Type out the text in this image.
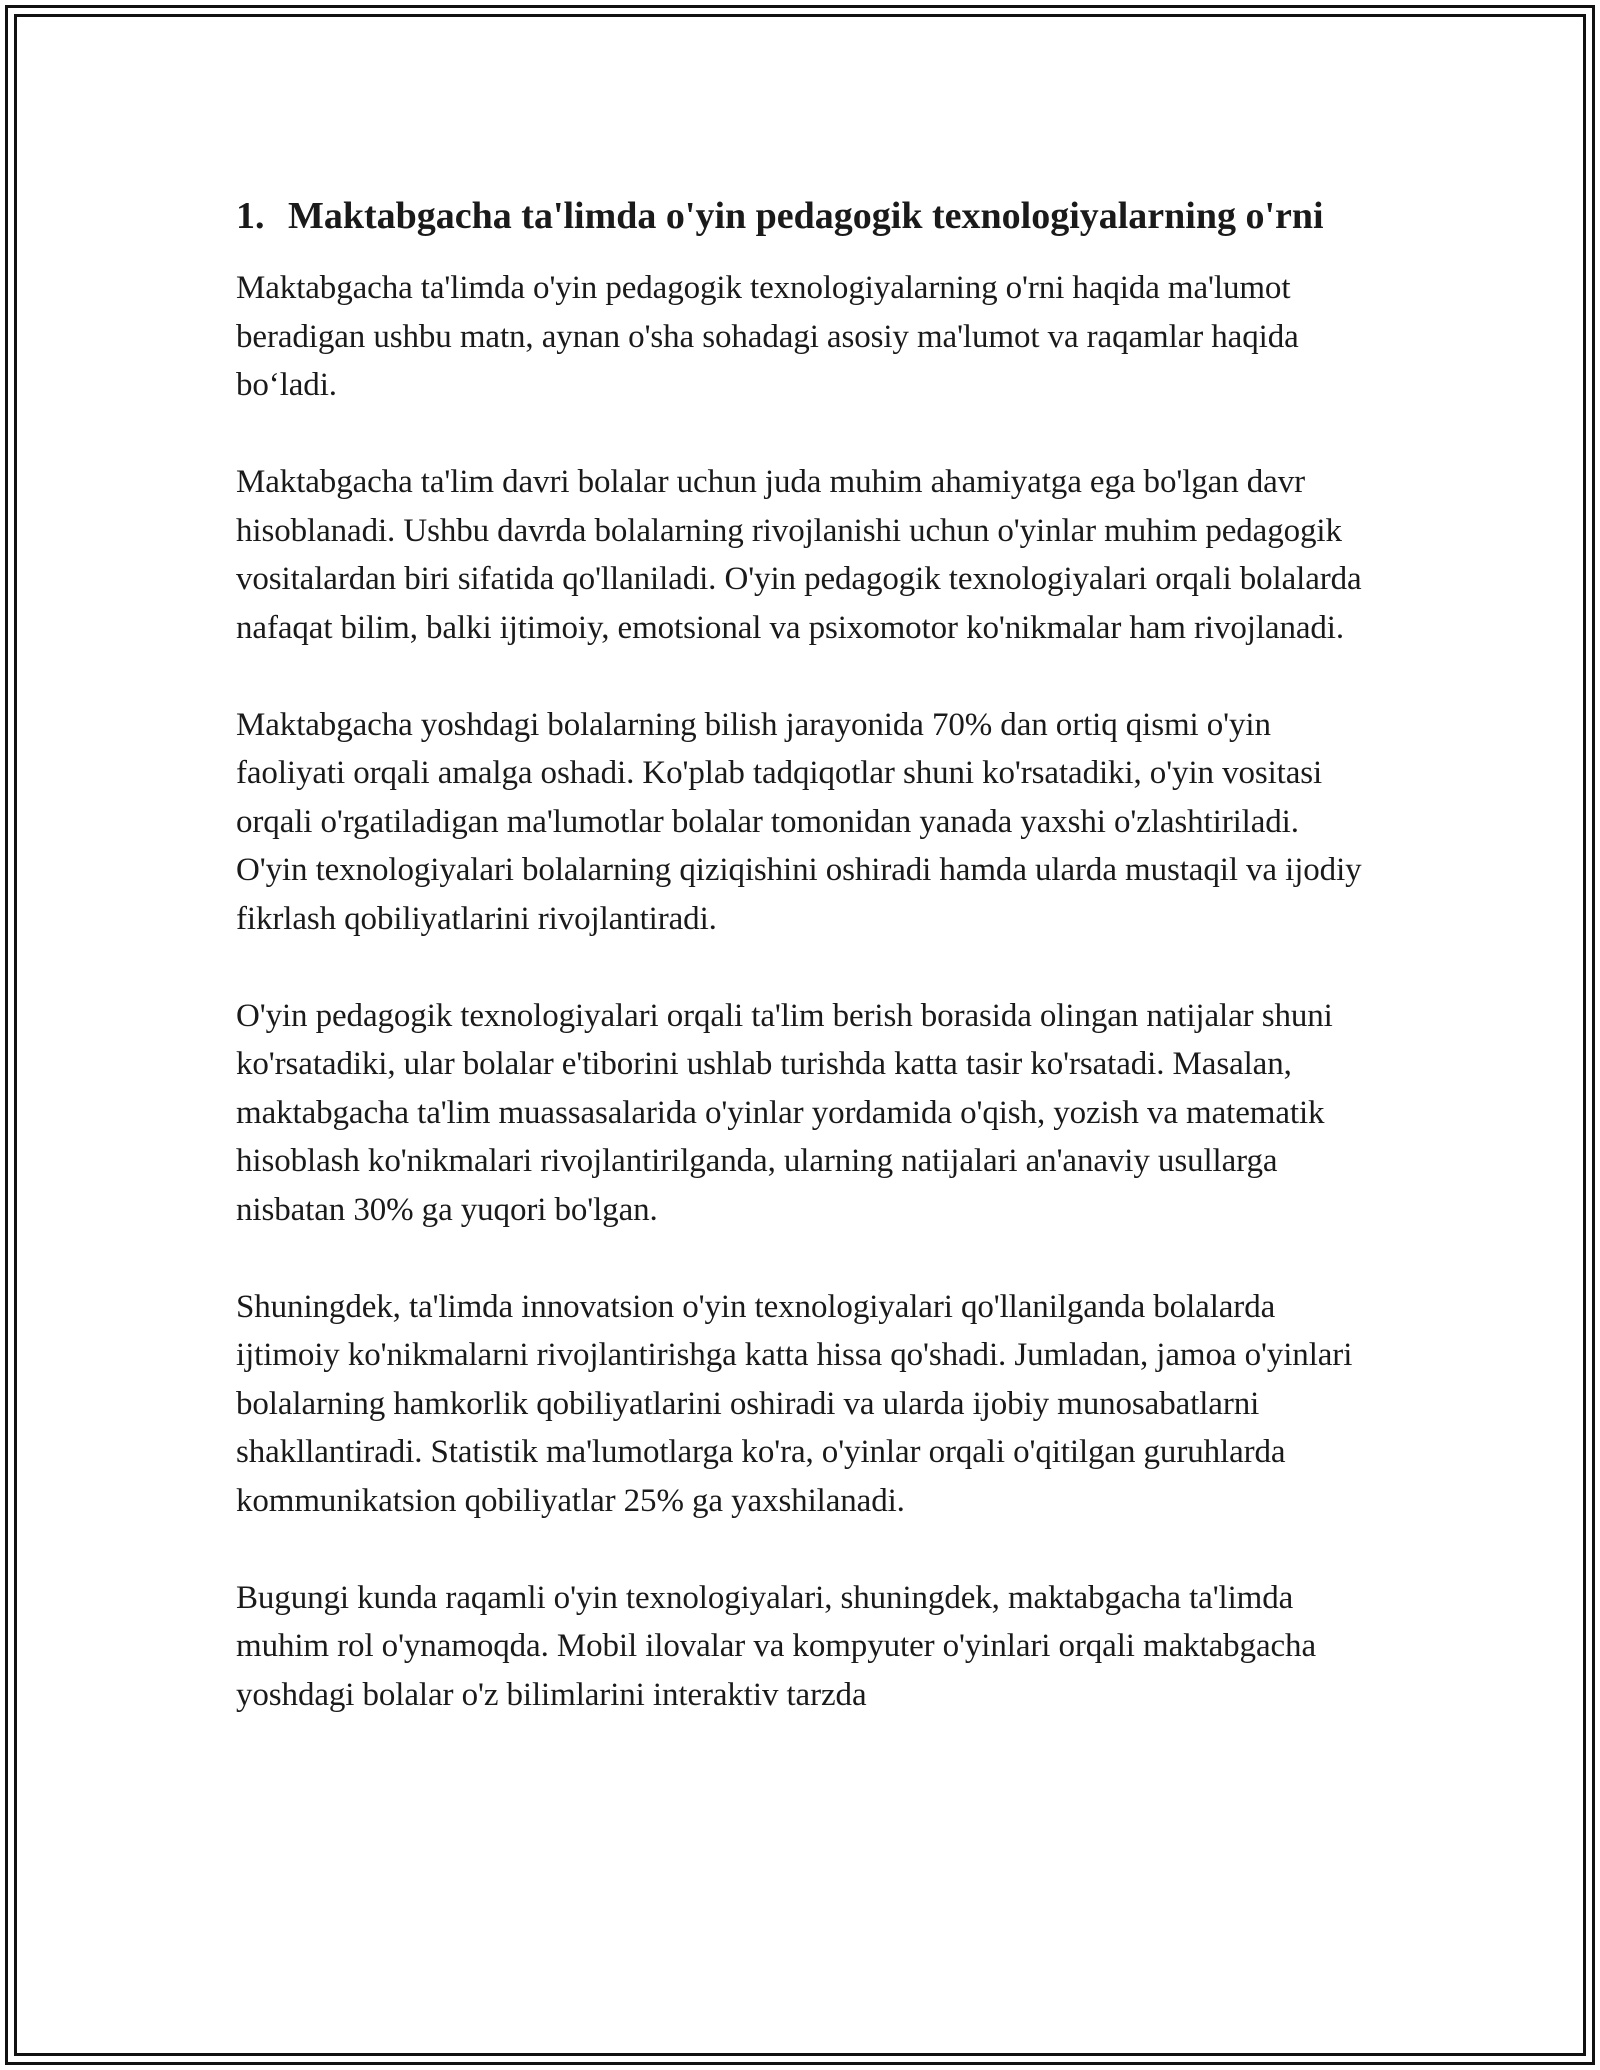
1. Maktabgacha ta'limda o'yin pedagogik texnologiyalarning o'rni

Maktabgacha ta'limda o'yin pedagogik texnologiyalarning o'rni haqida ma'lumot beradigan ushbu matn, aynan o'sha sohadagi asosiy ma'lumot va raqamlar haqida bo‘ladi.

Maktabgacha ta'lim davri bolalar uchun juda muhim ahamiyatga ega bo'lgan davr hisoblanadi. Ushbu davrda bolalarning rivojlanishi uchun o'yinlar muhim pedagogik vositalardan biri sifatida qo'llaniladi. O'yin pedagogik texnologiyalari orqali bolalarda nafaqat bilim, balki ijtimoiy, emotsional va psixomotor ko'nikmalar ham rivojlanadi.

Maktabgacha yoshdagi bolalarning bilish jarayonida 70% dan ortiq qismi o'yin faoliyati orqali amalga oshadi. Ko'plab tadqiqotlar shuni ko'rsatadiki, o'yin vositasi orqali o'rgatiladigan ma'lumotlar bolalar tomonidan yanada yaxshi o'zlashtiriladi. O'yin texnologiyalari bolalarning qiziqishini oshiradi hamda ularda mustaqil va ijodiy fikrlash qobiliyatlarini rivojlantiradi.

O'yin pedagogik texnologiyalari orqali ta'lim berish borasida olingan natijalar shuni ko'rsatadiki, ular bolalar e'tiborini ushlab turishda katta tasir ko'rsatadi. Masalan, maktabgacha ta'lim muassasalarida o'yinlar yordamida o'qish, yozish va matematik hisoblash ko'nikmalari rivojlantirilganda, ularning natijalari an'anaviy usullarga nisbatan 30% ga yuqori bo'lgan.

Shuningdek, ta'limda innovatsion o'yin texnologiyalari qo'llanilganda bolalarda ijtimoiy ko'nikmalarni rivojlantirishga katta hissa qo'shadi. Jumladan, jamoa o'yinlari bolalarning hamkorlik qobiliyatlarini oshiradi va ularda ijobiy munosabatlarni shakllantiradi. Statistik ma'lumotlarga ko'ra, o'yinlar orqali o'qitilgan guruhlarda kommunikatsion qobiliyatlar 25% ga yaxshilanadi.

Bugungi kunda raqamli o'yin texnologiyalari, shuningdek, maktabgacha ta'limda muhim rol o'ynamoqda. Mobil ilovalar va kompyuter o'yinlari orqali maktabgacha yoshdagi bolalar o'z bilimlarini interaktiv tarzda
